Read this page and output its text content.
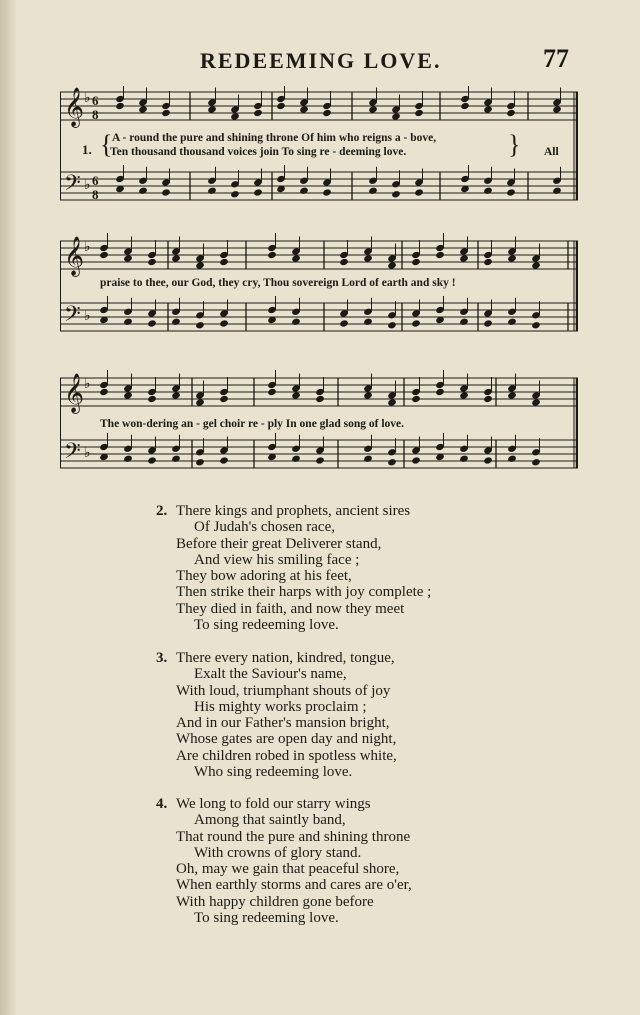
REDEEMING LOVE.	77
𝄞
𝄢
♭
♭
6
8
6
8
1. { A - round the pure and shining throne Of him who reigns a - bove,
Ten thousand thousand voices join To sing re - deeming love.	} All
𝄞
𝄢
♭
♭
praise to thee, our God, they cry, Thou sovereign Lord of earth and sky !
𝄞
𝄢
♭
♭
The won-dering an - gel choir re - ply In one glad song of love.
2. There kings and prophets, ancient sires
Of Judah's chosen race,
Before their great Deliverer stand,
And view his smiling face ;
They bow adoring at his feet,
Then strike their harps with joy complete ;
They died in faith, and now they meet
To sing redeeming love.
3. There every nation, kindred, tongue,
Exalt the Saviour's name,
With loud, triumphant shouts of joy
His mighty works proclaim ;
And in our Father's mansion bright,
Whose gates are open day and night,
Are children robed in spotless white,
Who sing redeeming love.
4. We long to fold our starry wings
Among that saintly band,
That round the pure and shining throne
With crowns of glory stand.
Oh, may we gain that peaceful shore,
When earthly storms and cares are o'er,
With happy children gone before
To sing redeeming love.
